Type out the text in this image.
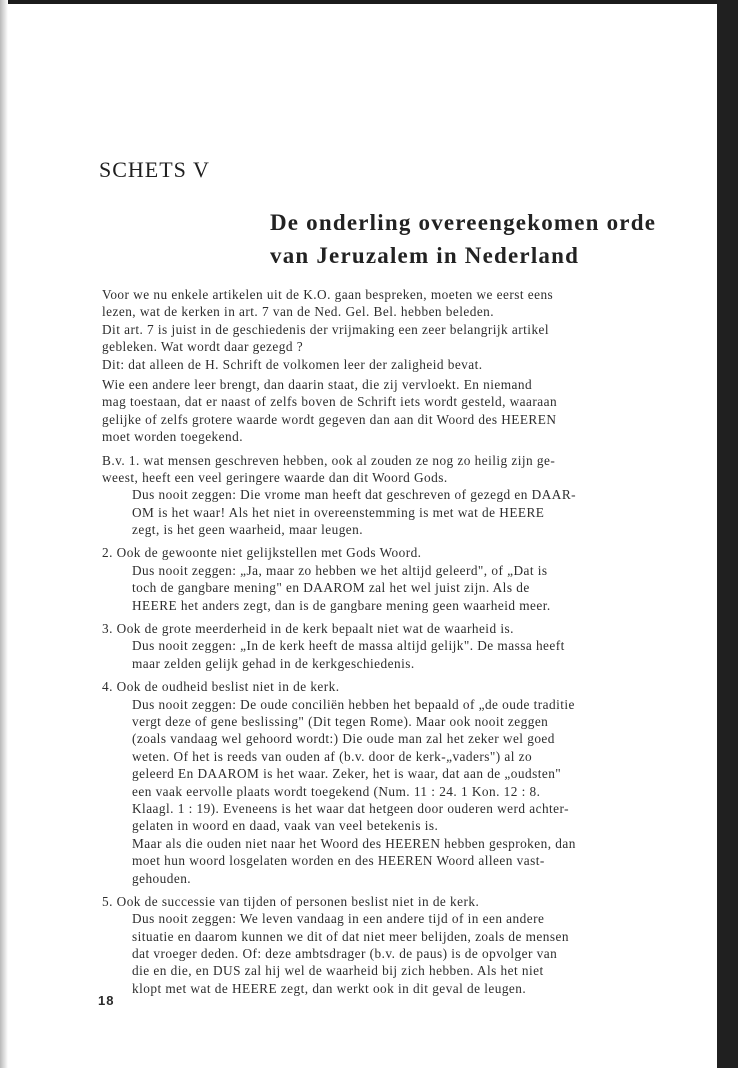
SCHETS V
De onderling overeengekomen orde
van Jeruzalem in Nederland
Voor we nu enkele artikelen uit de K.O. gaan bespreken, moeten we eerst eens
lezen, wat de kerken in art. 7 van de Ned. Gel. Bel. hebben beleden.
Dit art. 7 is juist in de geschiedenis der vrijmaking een zeer belangrijk artikel
gebleken. Wat wordt daar gezegd ?
Dit: dat alleen de H. Schrift de volkomen leer der zaligheid bevat.
Wie een andere leer brengt, dan daarin staat, die zij vervloekt. En niemand
mag toestaan, dat er naast of zelfs boven de Schrift iets wordt gesteld, waaraan
gelijke of zelfs grotere waarde wordt gegeven dan aan dit Woord des HEEREN
moet worden toegekend.
B.v. 1. wat mensen geschreven hebben, ook al zouden ze nog zo heilig zijn ge-
weest, heeft een veel geringere waarde dan dit Woord Gods.
Dus nooit zeggen: Die vrome man heeft dat geschreven of gezegd en DAAR-
OM is het waar! Als het niet in overeenstemming is met wat de HEERE
zegt, is het geen waarheid, maar leugen.
2. Ook de gewoonte niet gelijkstellen met Gods Woord.
Dus nooit zeggen: „Ja, maar zo hebben we het altijd geleerd", of „Dat is
toch de gangbare mening" en DAAROM zal het wel juist zijn. Als de
HEERE het anders zegt, dan is de gangbare mening geen waarheid meer.
3. Ook de grote meerderheid in de kerk bepaalt niet wat de waarheid is.
Dus nooit zeggen: „In de kerk heeft de massa altijd gelijk". De massa heeft
maar zelden gelijk gehad in de kerkgeschiedenis.
4. Ook de oudheid beslist niet in de kerk.
Dus nooit zeggen: De oude conciliën hebben het bepaald of „de oude traditie
vergt deze of gene beslissing" (Dit tegen Rome). Maar ook nooit zeggen
(zoals vandaag wel gehoord wordt:) Die oude man zal het zeker wel goed
weten. Of het is reeds van ouden af (b.v. door de kerk-„vaders") al zo
geleerd En DAAROM is het waar. Zeker, het is waar, dat aan de „oudsten"
een vaak eervolle plaats wordt toegekend (Num. 11 : 24. 1 Kon. 12 : 8.
Klaagl. 1 : 19). Eveneens is het waar dat hetgeen door ouderen werd achter-
gelaten in woord en daad, vaak van veel betekenis is.
Maar als die ouden niet naar het Woord des HEEREN hebben gesproken, dan
moet hun woord losgelaten worden en des HEEREN Woord alleen vast-
gehouden.
5. Ook de successie van tijden of personen beslist niet in de kerk.
Dus nooit zeggen: We leven vandaag in een andere tijd of in een andere
situatie en daarom kunnen we dit of dat niet meer belijden, zoals de mensen
dat vroeger deden. Of: deze ambtsdrager (b.v. de paus) is de opvolger van
die en die, en DUS zal hij wel de waarheid bij zich hebben. Als het niet
klopt met wat de HEERE zegt, dan werkt ook in dit geval de leugen.
18
